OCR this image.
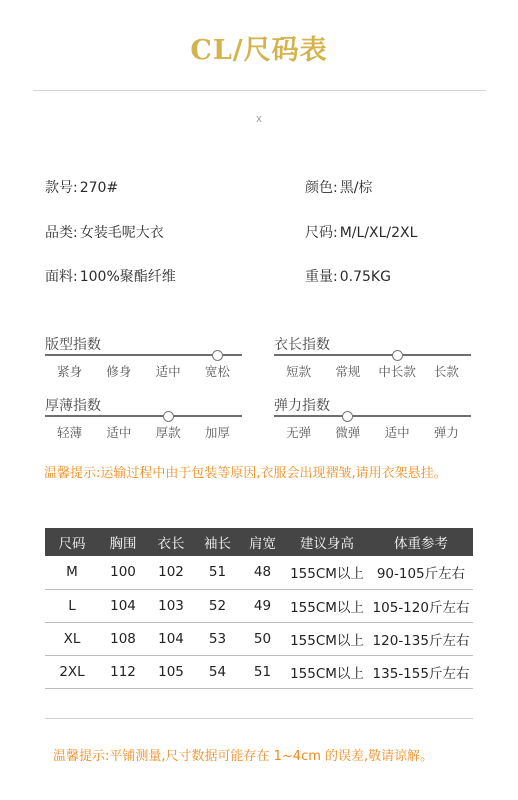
CL/尺码表
x
款号: 270#	颜色: 黑/棕
品类: 女装毛呢大衣	尺码: M/L/XL/2XL
面料: 100%聚酯纤维	重量: 0.75KG
温馨提示:运输过程中由于包装等原因,衣服会出现褶皱,请用衣架悬挂。
尺码	胸围	衣长	袖长	肩宽	建议身高	体重参考
M	100	102	51	48	155CM以上	90-105斤左右
L	104	103	52	49	155CM以上	105-120斤左右
XL	108	104	53	50	155CM以上	120-135斤左右
2XL	112	105	54	51	155CM以上	135-155斤左右
温馨提示:平铺测量,尺寸数据可能存在 1~4cm 的误差,敬请谅解。
版型指数
紧身 修身 适中 宽松
衣长指数
短款 常规 中长款 长款
厚薄指数
轻薄 适中 厚款 加厚
弹力指数
无弹 微弹 适中 弹力
